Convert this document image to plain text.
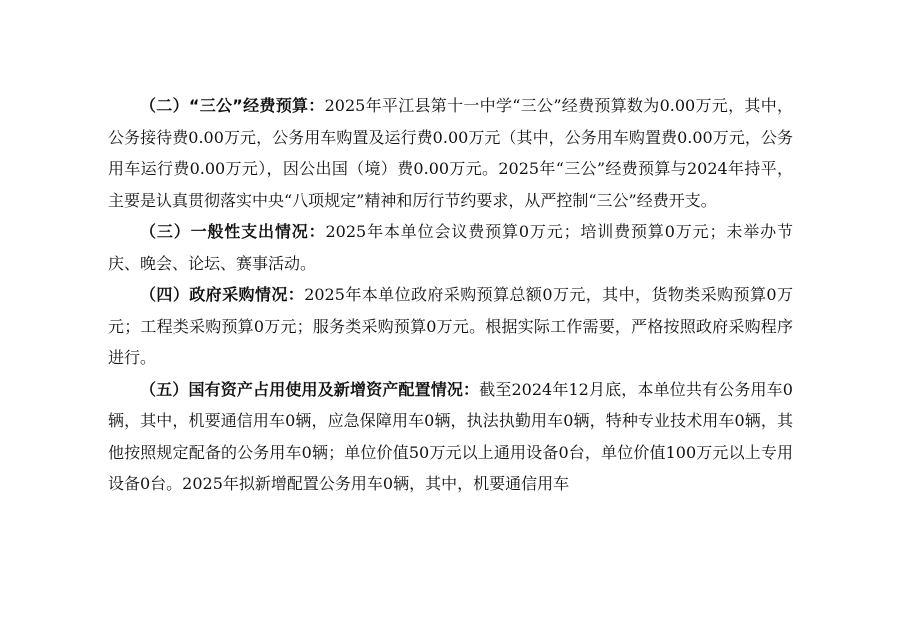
（二）“三公”经费预算：2025年平江县第十一中学“三公”经费预算数为0.00万元，其中，公务接待费0.00万元，公务用车购置及运行费0.00万元（其中，公务用车购置费0.00万元，公务用车运行费0.00万元），因公出国（境）费0.00万元。2025年“三公”经费预算与2024年持平，主要是认真贯彻落实中央“八项规定”精神和厉行节约要求，从严控制“三公”经费开支。

（三）一般性支出情况：2025年本单位会议费预算0万元；培训费预算0万元；未举办节庆、晚会、论坛、赛事活动。

（四）政府采购情况：2025年本单位政府采购预算总额0万元，其中，货物类采购预算0万元；工程类采购预算0万元；服务类采购预算0万元。根据实际工作需要，严格按照政府采购程序进行。

（五）国有资产占用使用及新增资产配置情况：截至2024年12月底，本单位共有公务用车0辆，其中，机要通信用车0辆，应急保障用车0辆，执法执勤用车0辆，特种专业技术用车0辆，其他按照规定配备的公务用车0辆；单位价值50万元以上通用设备0台，单位价值100万元以上专用设备0台。2025年拟新增配置公务用车0辆，其中，机要通信用车
